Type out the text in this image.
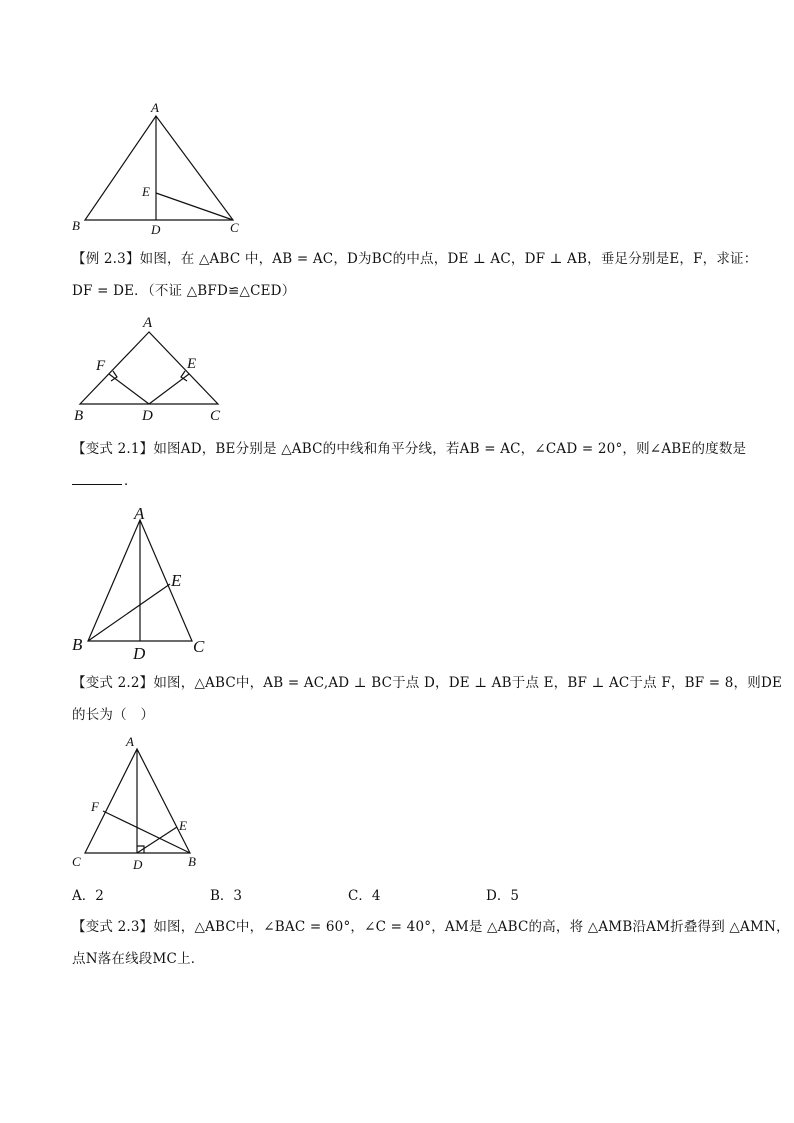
A
B	C
D
E
【例 2.3】如图，在 △ABC 中，AB = AC，D为BC的中点，DE ⊥ AC，DF ⊥ AB，垂足分别是E，F，求证：
DF = DE．（不证 △BFD≌△CED）
A
B	C
D
E
F
【变式 2.1】如图AD，BE分别是 △ABC的中线和角平分线，若AB = AC，∠CAD = 20°，则∠ABE的度数是
．
A
B	C
D
E
【变式 2.2】如图，△ABC中，AB = AC,AD ⊥ BC于点 D，DE ⊥ AB于点 E，BF ⊥ AC于点 F，BF = 8，则DE
的长为（　）
A
B
C	D
E
F
A．2	B．3	C．4	D．5
【变式 2.3】如图，△ABC中，∠BAC = 60°，∠C = 40°，AM是 △ABC的高，将 △AMB沿AM折叠得到 △AMN，
点N落在线段MC上．
